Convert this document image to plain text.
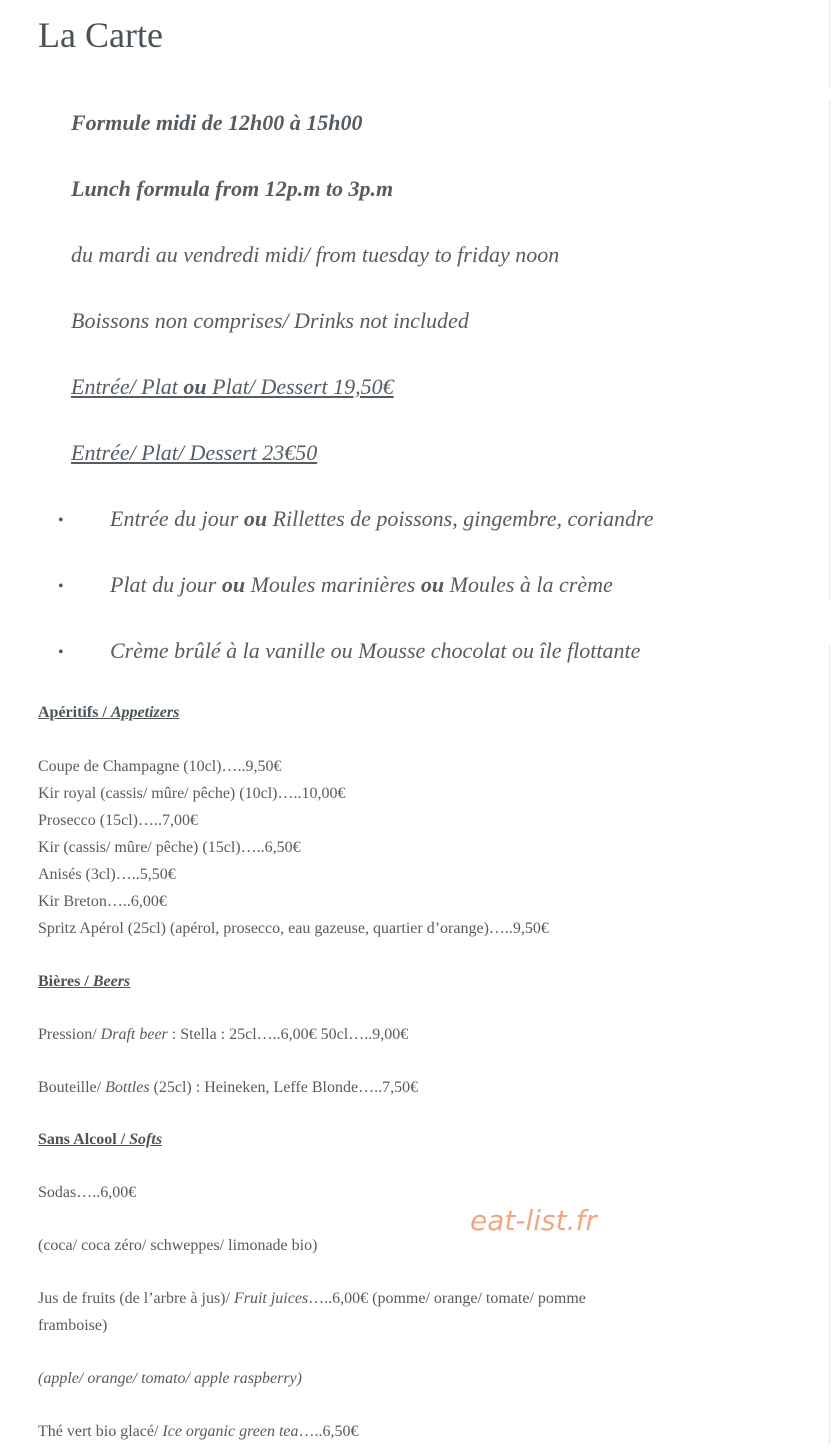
La Carte

Formule midi de 12h00 à 15h00

Lunch formula from 12p.m to 3p.m

du mardi au vendredi midi/ from tuesday to friday noon

Boissons non comprises/ Drinks not included

Entrée/ Plat ou Plat/ Dessert 19,50€

Entrée/ Plat/ Dessert 23€50

• Entrée du jour ou Rillettes de poissons, gingembre, coriandre

• Plat du jour ou Moules marinières ou Moules à la crème

• Crème brûlé à la vanille ou Mousse chocolat ou île flottante

Apéritifs / Appetizers

Coupe de Champagne (10cl)…..9,50€

Kir royal (cassis/ mûre/ pêche) (10cl)…..10,00€

Prosecco (15cl)…..7,00€

Kir (cassis/ mûre/ pêche) (15cl)…..6,50€

Anisés (3cl)…..5,50€

Kir Breton…..6,00€

Spritz Apérol (25cl) (apérol, prosecco, eau gazeuse, quartier d’orange)…..9,50€

Bières / Beers

Pression/ Draft beer : Stella : 25cl…..6,00€ 50cl…..9,00€

Bouteille/ Bottles (25cl) : Heineken, Leffe Blonde…..7,50€

Sans Alcool / Softs

Sodas…..6,00€

(coca/ coca zéro/ schweppes/ limonade bio)

Jus de fruits (de l’arbre à jus)/ Fruit juices…..6,00€ (pomme/ orange/ tomate/ pomme

framboise)

(apple/ orange/ tomato/ apple raspberry)

Thé vert bio glacé/ Ice organic green tea…..6,50€

eat-list.fr
